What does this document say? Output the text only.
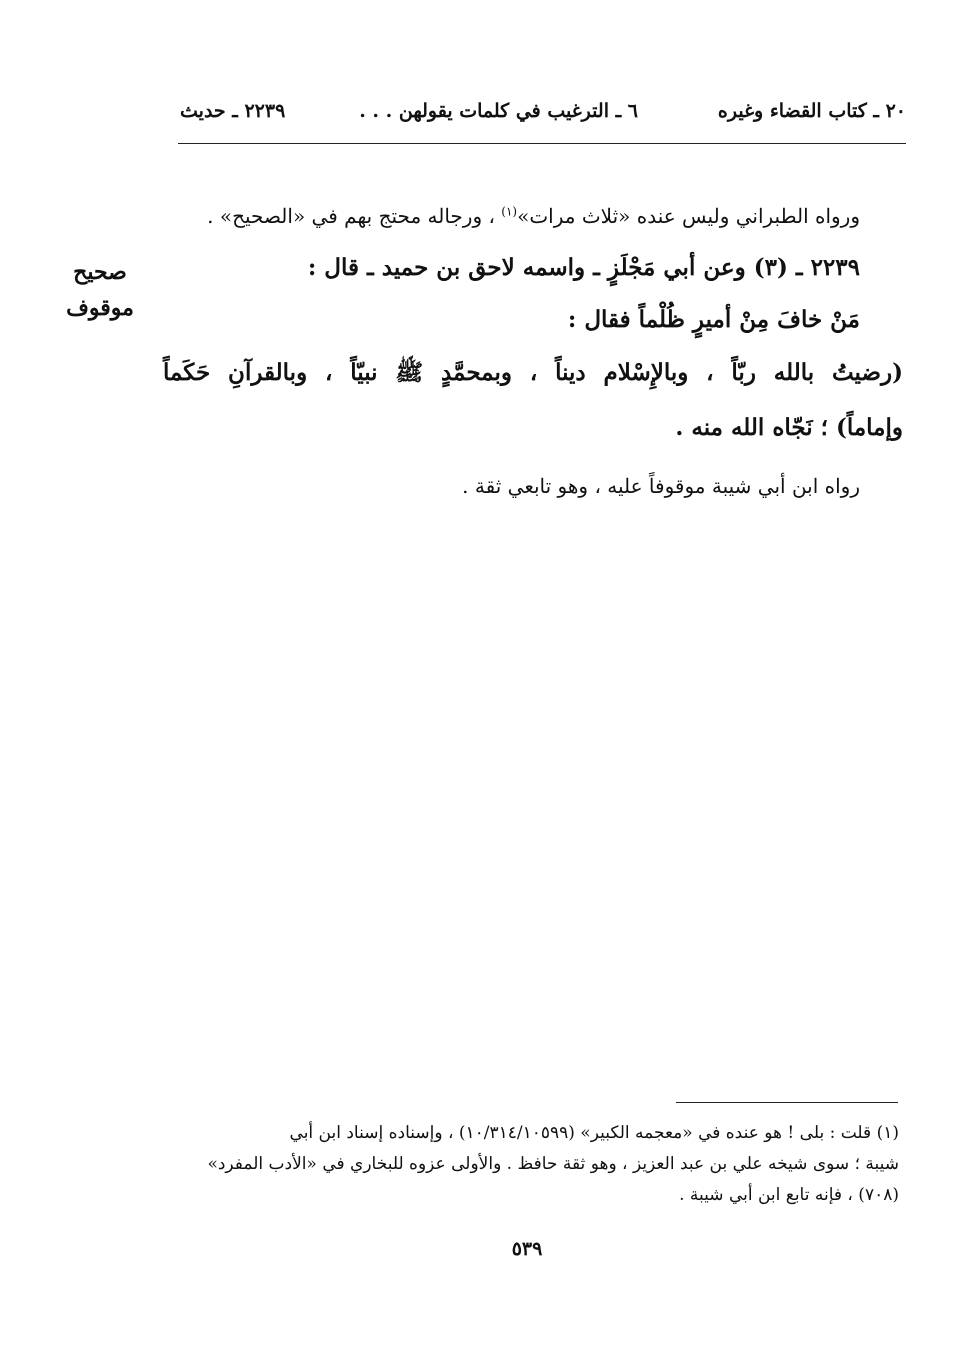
٢٠ ـ كتاب القضاء وغيره
٦ ـ الترغيب في كلمات يقولهن . . .
٢٢٣٩ ـ حديث
ورواه الطبراني وليس عنده «ثلاث مرات»$^{(١)}$ ، ورجاله محتج بهم في «الصحيح» .
٢٢٣٩ ـ (٣) وعن أبي مَجْلَزٍ ـ واسمه لاحق بن حميد ـ قال :
مَنْ خافَ مِنْ أميرٍ ظُلْماً فقال :
(رضيتُ بالله ربّاً ، وبالإِسْلام ديناً ، وبمحمَّدٍ ﷺ نبيّاً ، وبالقرآنِ حَكَماً
وإماماً) ؛ نَجّاه الله منه .
رواه ابن أبي شيبة موقوفاً عليه ، وهو تابعي ثقة .
صحيح
موقوف
(١) قلت : بلى ! هو عنده في «معجمه الكبير» (١٠/٣١٤/١٠٥٩٩) ، وإسناده إسناد ابن أبي
شيبة ؛ سوى شيخه علي بن عبد العزيز ، وهو ثقة حافظ . والأولى عزوه للبخاري في «الأدب المفرد»
(٧٠٨) ، فإنه تابع ابن أبي شيبة .
٥٣٩
